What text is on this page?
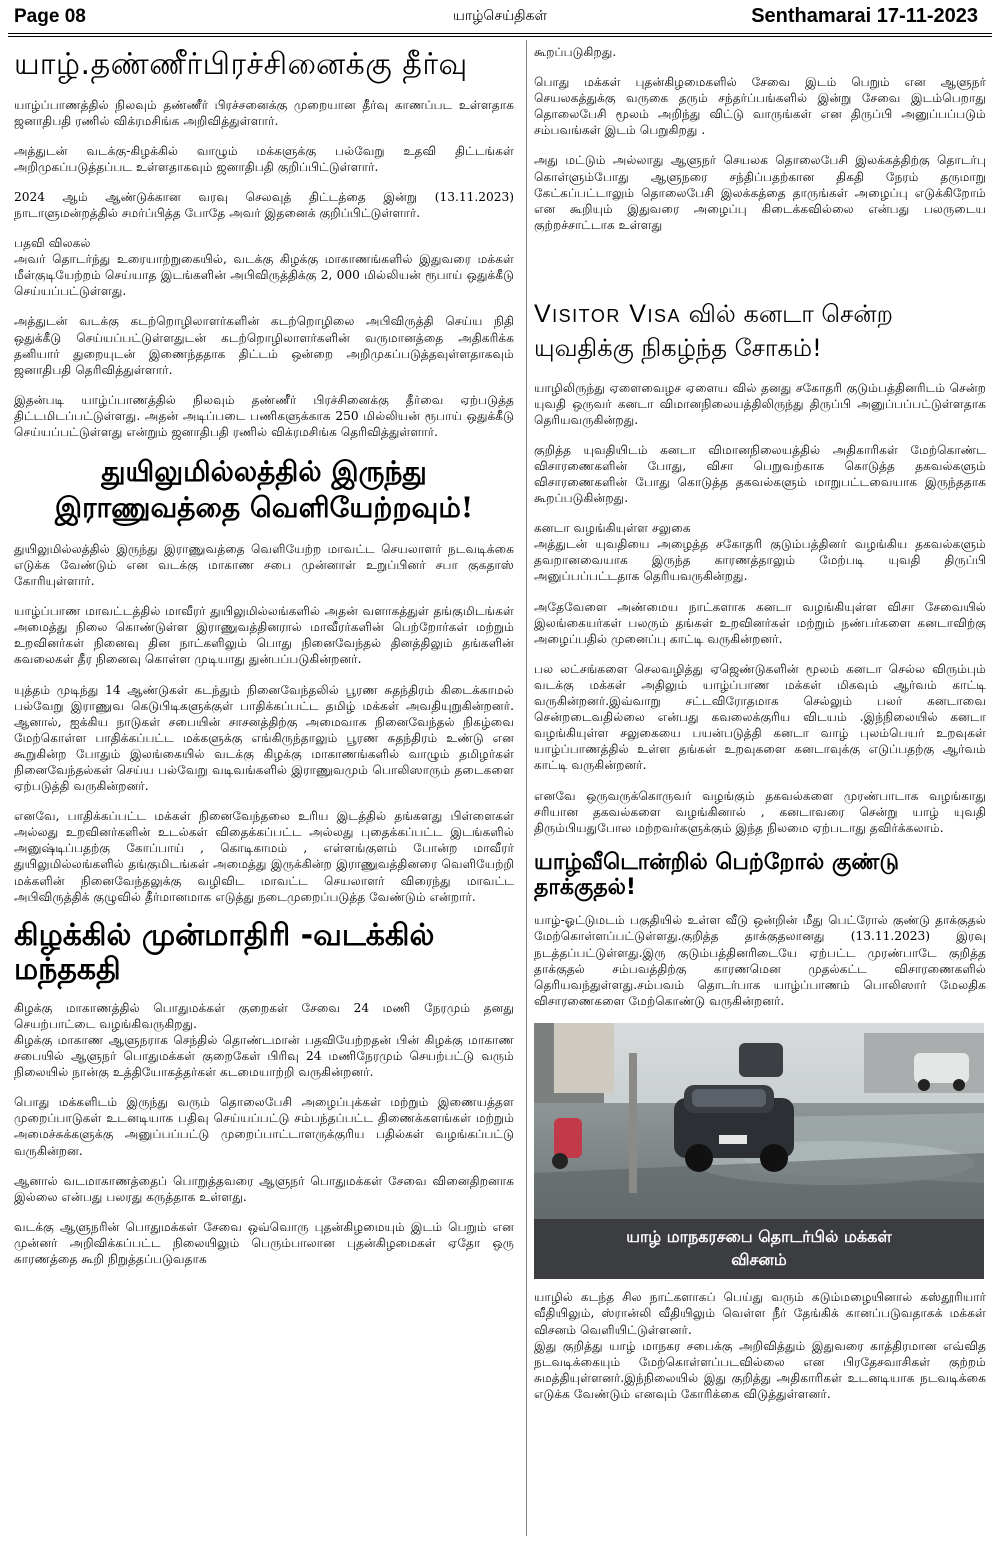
Page 08	யாழ்செய்திகள்	Senthamarai 17-11-2023
யாழ்.தண்ணீர்பிரச்சினைக்கு தீர்வு

யாழ்ப்பாணத்தில் நிலவும் தண்ணீர் பிரச்சனைக்கு முறையான தீர்வு காணப்பட உள்ளதாக ஜனாதிபதி ரணில் விக்ரமசிங்க அறிவித்துள்ளார்.

அத்துடன் வடக்கு-கிழக்கில் வாழும் மக்களுக்கு பல்வேறு உதவி திட்டங்கள் அறிமுகப்படுத்தப்பட உள்ளதாகவும் ஜனாதிபதி குறிப்பிட்டுள்ளார்.

2024 ஆம் ஆண்டுக்கான வரவு செலவுத் திட்டத்தை இன்று (13.11.2023) நாடாளுமன்றத்தில் சமர்ப்பித்த போதே அவர் இதனைக் குறிப்பிட்டுள்ளார்.

பதவி விலகல்

அவர் தொடர்ந்து உரையாற்றுகையில், வடக்கு கிழக்கு மாகாணங்களில் இதுவரை மக்கள் மீள்குடியேற்றம் செய்யாத இடங்களின் அபிவிருத்திக்கு 2, 000 மில்லியன் ரூபாய் ஒதுக்கீடு செய்யப்பட்டுள்ளது.

அத்துடன் வடக்கு கடற்றொழிலாளர்களின் கடற்றொழிலை அபிவிருத்தி செய்ய நிதி ஒதுக்கீடு செய்யப்பட்டுள்ளதுடன் கடற்றொழிலாளர்களின் வருமானத்தை அதிகரிக்க தனியார் துறையுடன் இணைந்ததாக திட்டம் ஒன்றை அறிமுகப்படுத்தவுள்ளதாகவும் ஜனாதிபதி தெரிவித்துள்ளார்.

இதன்படி யாழ்ப்பாணத்தில் நிலவும் தண்ணீர் பிரச்சினைக்கு தீர்வை ஏற்படுத்த திட்டமிடப்பட்டுள்ளது. அதன் அடிப்படை பணிகளுக்காக 250 மில்லியன் ரூபாய் ஒதுக்கீடு செய்யப்பட்டுள்ளது என்றும் ஜனாதிபதி ரணில் விக்ரமசிங்க தெரிவித்துள்ளார்.

துயிலுமில்லத்தில் இருந்து
இராணுவத்தை வெளியேற்றவும்!

துயிலுமில்லத்தில் இருந்து இராணுவத்தை வெளியேற்ற மாவட்ட செயலாளர் நடவடிக்கை எடுக்க வேண்டும் என வடக்கு மாகாண சபை முன்னாள் உறுப்பினர் சபா குகதாஸ் கோரியுள்ளார்.

யாழ்ப்பாண மாவட்டத்தில் மாவீரர் துயிலுமில்லங்களில் அதன் வளாகத்துள் தங்குமிடங்கள் அமைத்து நிலை கொண்டுள்ள இராணுவத்தினரால் மாவீரர்களின் பெற்றோர்கள் மற்றும் உறவினர்கள் நினைவு தின நாட்களிலும் பொது நினைவேந்தல் தினத்திலும் தங்களின் கவலைகள் தீர நினைவு கொள்ள முடியாது துன்பப்படுகின்றனர்.

யுத்தம் முடிந்து 14 ஆண்டுகள் கடந்தும் நினைவேந்தலில் பூரண சுதந்திரம் கிடைக்காமல் பல்வேறு இராணுவ கெடுபிடிகளுக்குள் பாதிக்கப்பட்ட தமிழ் மக்கள் அவதியுறுகின்றனர். ஆனால், ஐக்கிய நாடுகள் சபையின் சாசனத்திற்கு அமைவாக நினைவேந்தல் நிகழ்வை மேற்கொள்ள பாதிக்கப்பட்ட மக்களுக்கு எங்கிருந்தாலும் பூரண சுதந்திரம் உண்டு என கூறுகின்ற போதும் இலங்கையில் வடக்கு கிழக்கு மாகாணங்களில் வாழும் தமிழர்கள் நினைவேந்தல்கள் செய்ய பல்வேறு வடிவங்களில் இராணுவமும் பொலிஸாரும் தடைகளை ஏற்படுத்தி வருகின்றனர்.

எனவே, பாதிக்கப்பட்ட மக்கள் நினைவேந்தலை உரிய இடத்தில் தங்களது பிள்ளைகள் அல்லது உறவினர்களின் உடல்கள் விதைக்கப்பட்ட அல்லது புதைக்கப்பட்ட இடங்களில் அனுஷ்டிப்பதற்கு கோப்பாய் , கொடிகாமம் , எள்ளங்குளம் போன்ற மாவீரர் துயிலுமில்லங்களில் தங்குமிடங்கள் அமைத்து இருக்கின்ற இராணுவத்தினரை வெளியேற்றி மக்களின் நினைவேந்தலுக்கு வழிவிட மாவட்ட செயலாளர் விரைந்து மாவட்ட அபிவிருத்திக் குழுவில் தீர்மானமாக எடுத்து நடைமுறைப்படுத்த வேண்டும் என்றார்.

கிழக்கில் முன்மாதிரி -வடக்கில் மந்தகதி

கிழக்கு மாகாணத்தில் பொதுமக்கள் குறைகள் சேவை 24 மணி நேரமும் தனது செயற்பாட்டை வழங்கிவருகிறது.

கிழக்கு மாகாண ஆளுநராக செந்தில் தொண்டமான் பதவியேற்றதன் பின் கிழக்கு மாகாண சபையில் ஆளுநர் பொதுமக்கள் குறைகேள் பிரிவு 24 மணிநேரமும் செயற்பட்டு வரும் நிலையில் நான்கு உத்தியோகத்தர்கள் கடமையாற்றி வருகின்றனர்.

பொது மக்களிடம் இருந்து வரும் தொலைபேசி அழைப்புக்கள் மற்றும் இணையத்தள முறைப்பாடுகள் உடனடியாக பதிவு செய்யப்பட்டு சம்பந்தப்பட்ட திணைக்களங்கள் மற்றும் அமைச்சுக்களுக்கு அனுப்பப்பட்டு முறைப்பாட்டாளருக்குரிய பதில்கள் வழங்கப்பட்டு வருகின்றன.

ஆனால் வடமாகாணத்தைப் பொறுத்தவரை ஆளுநர் பொதுமக்கள் சேவை வினைதிறனாக இல்லை என்பது பலரது கருத்தாக உள்ளது.

வடக்கு ஆளுநரின் பொதுமக்கள் சேவை ஒவ்வொரு புதன்கிழமையும் இடம் பெறும் என முன்னர் அறிவிக்கப்பட்ட நிலையிலும் பெரும்பாலான புதன்கிழமைகள் ஏதோ ஒரு காரணத்தை கூறி நிறுத்தப்படுவதாக

கூறப்படுகிறது.

பொது மக்கள் புதன்கிழமைகளில் சேவை இடம் பெறும் என ஆளுநர் செயலகத்துக்கு வருகை தரும் சந்தர்ப்பங்களில் இன்று சேவை இடம்பெறாது தொலைபேசி மூலம் அறிந்து விட்டு வாருங்கள் என திருப்பி அனுப்பப்படும் சம்பவங்கள் இடம் பெறுகிறது .

அது மட்டும் அல்லாது ஆளுநர் செயலக தொலைபேசி இலக்கத்திற்கு தொடர்பு கொள்ளும்போது ஆளுநரை சந்திப்பதற்கான திகதி நேரம் தருமாறு கேட்கப்பட்டாலும் தொலைபேசி இலக்கத்தை தாருங்கள் அழைப்பு எடுக்கிறோம் என கூறியும் இதுவரை அழைப்பு கிடைக்கவில்லை என்பது பலருடைய குற்றச்சாட்டாக உள்ளது

Visitor Visa வில் கனடா சென்ற
யுவதிக்கு நிகழ்ந்த சோகம்!

யாழிலிருந்து ஏளைவைழச ஏளைய வில் தனது சகோதரி குடும்பத்தினரிடம் சென்ற யுவதி ஒருவர் கனடா விமானநிலையத்திலிருந்து திருப்பி அனுப்பப்பட்டுள்ளதாக தெரியவருகின்றது.

குறித்த யுவதியிடம் கனடா விமானநிலையத்தில் அதிகாரிகள் மேற்கொண்ட விசாரணைகளின் போது, விசா பெறுவற்காக கொடுத்த தகவல்களும் விசாரணைகளின் போது கொடுத்த தகவல்களும் மாறுபட்டவையாக இருந்ததாக கூறப்படுகின்றது.

கனடா வழங்கியுள்ள சலுகை

அத்துடன் யுவதியை அழைத்த சகோதரி குடும்பத்தினர் வழங்கிய தகவல்களும் தவறானவையாக இருந்த காரணத்தாலும் மேற்படி யுவதி திருப்பி அனுப்பப்பட்டதாக தெரியவருகின்றது.

அதேவேளை அண்மைய நாட்களாக கனடா வழங்கியுள்ள விசா சேவையில் இலங்கையர்கள் பலரும் தங்கள் உறவினர்கள் மற்றும் நண்பர்களை கனடாவிற்கு அழைப்பதில் முனைப்பு காட்டி வருகின்றனர்.

பல லட்சங்களை செலவழித்து ஏஜெண்டுகளின் மூலம் கனடா செல்ல விரும்பும் வடக்கு மக்கள் அதிலும் யாழ்ப்பாண மக்கள் மிகவும் ஆர்வம் காட்டி வருகின்றனர்.இவ்வாறு சட்டவிரோதமாக செல்லும் பலர் கனடாவை சென்றடைவதில்லை என்பது கவலைக்குரிய விடயம் .இந்நிலையில் கனடா வழங்கியுள்ள சலுகையை பயன்படுத்தி கனடா வாழ் புலம்பெயர் உறவுகள் யாழ்ப்பாணத்தில் உள்ள தங்கள் உறவுகளை கனடாவுக்கு எடுப்பதற்கு ஆர்வம் காட்டி வருகின்றனர்.

எனவே ஒருவருக்கொருவர் வழங்கும் தகவல்களை முரண்பாடாக வழங்காது சரியான தகவல்களை வழங்கினால் , கனடாவரை சென்று யாழ் யுவதி திரும்பியதுபோல மற்றவர்களுக்கும் இந்த நிலமை ஏற்படாது தவிர்க்கலாம்.

யாழ்வீடொன்றில் பெற்றோல் குண்டு தாக்குதல்!

யாழ்-ஓட்டுமடம் பகுதியில் உள்ள வீடு ஒன்றின் மீது பெட்ரோல் குண்டு தாக்குதல் மேற்கொள்ளப்பட்டுள்ளது.குறித்த தாக்குதலானது (13.11.2023) இரவு நடத்தப்பட்டுள்ளது.இரு குடும்பத்தினரிடையே ஏற்பட்ட முரண்பாடே குறித்த தாக்குதல் சம்பவத்திற்கு காரணமென முதல்கட்ட விசாரணைகளில் தெரியவந்துள்ளது.சம்பவம் தொடர்பாக யாழ்ப்பாணம் பொலிஸார் மேலதிக விசாரணைகளை மேற்கொண்டு வருகின்றனர்.

யாழ் மாநகரசபை தொடர்பில் மக்கள்
விசனம்

யாழில் கடந்த சில நாட்களாகப் பெய்து வரும் கடும்மழையினால் கஸ்தூரியார் வீதியிலும், ஸ்ரான்லி வீதியிலும் வெள்ள நீர் தேங்கிக் கானப்படுவதாகக் மக்கள் விசனம் வெளியிட்டுள்ளனர்.

இது குறித்து யாழ் மாநகர சபைக்கு அறிவித்தும் இதுவரை காத்திரமான எவ்வித நடவடிக்கையும் மேற்கொள்ளப்படவில்லை என பிரதேசவாசிகள் குற்றம் சுமத்தியுள்ளனர்.இந்நிலையில் இது குறித்து அதிகாரிகள் உடனடியாக நடவடிக்கை எடுக்க வேண்டும் எனவும் கோரிக்கை விடுத்துள்ளனர்.
